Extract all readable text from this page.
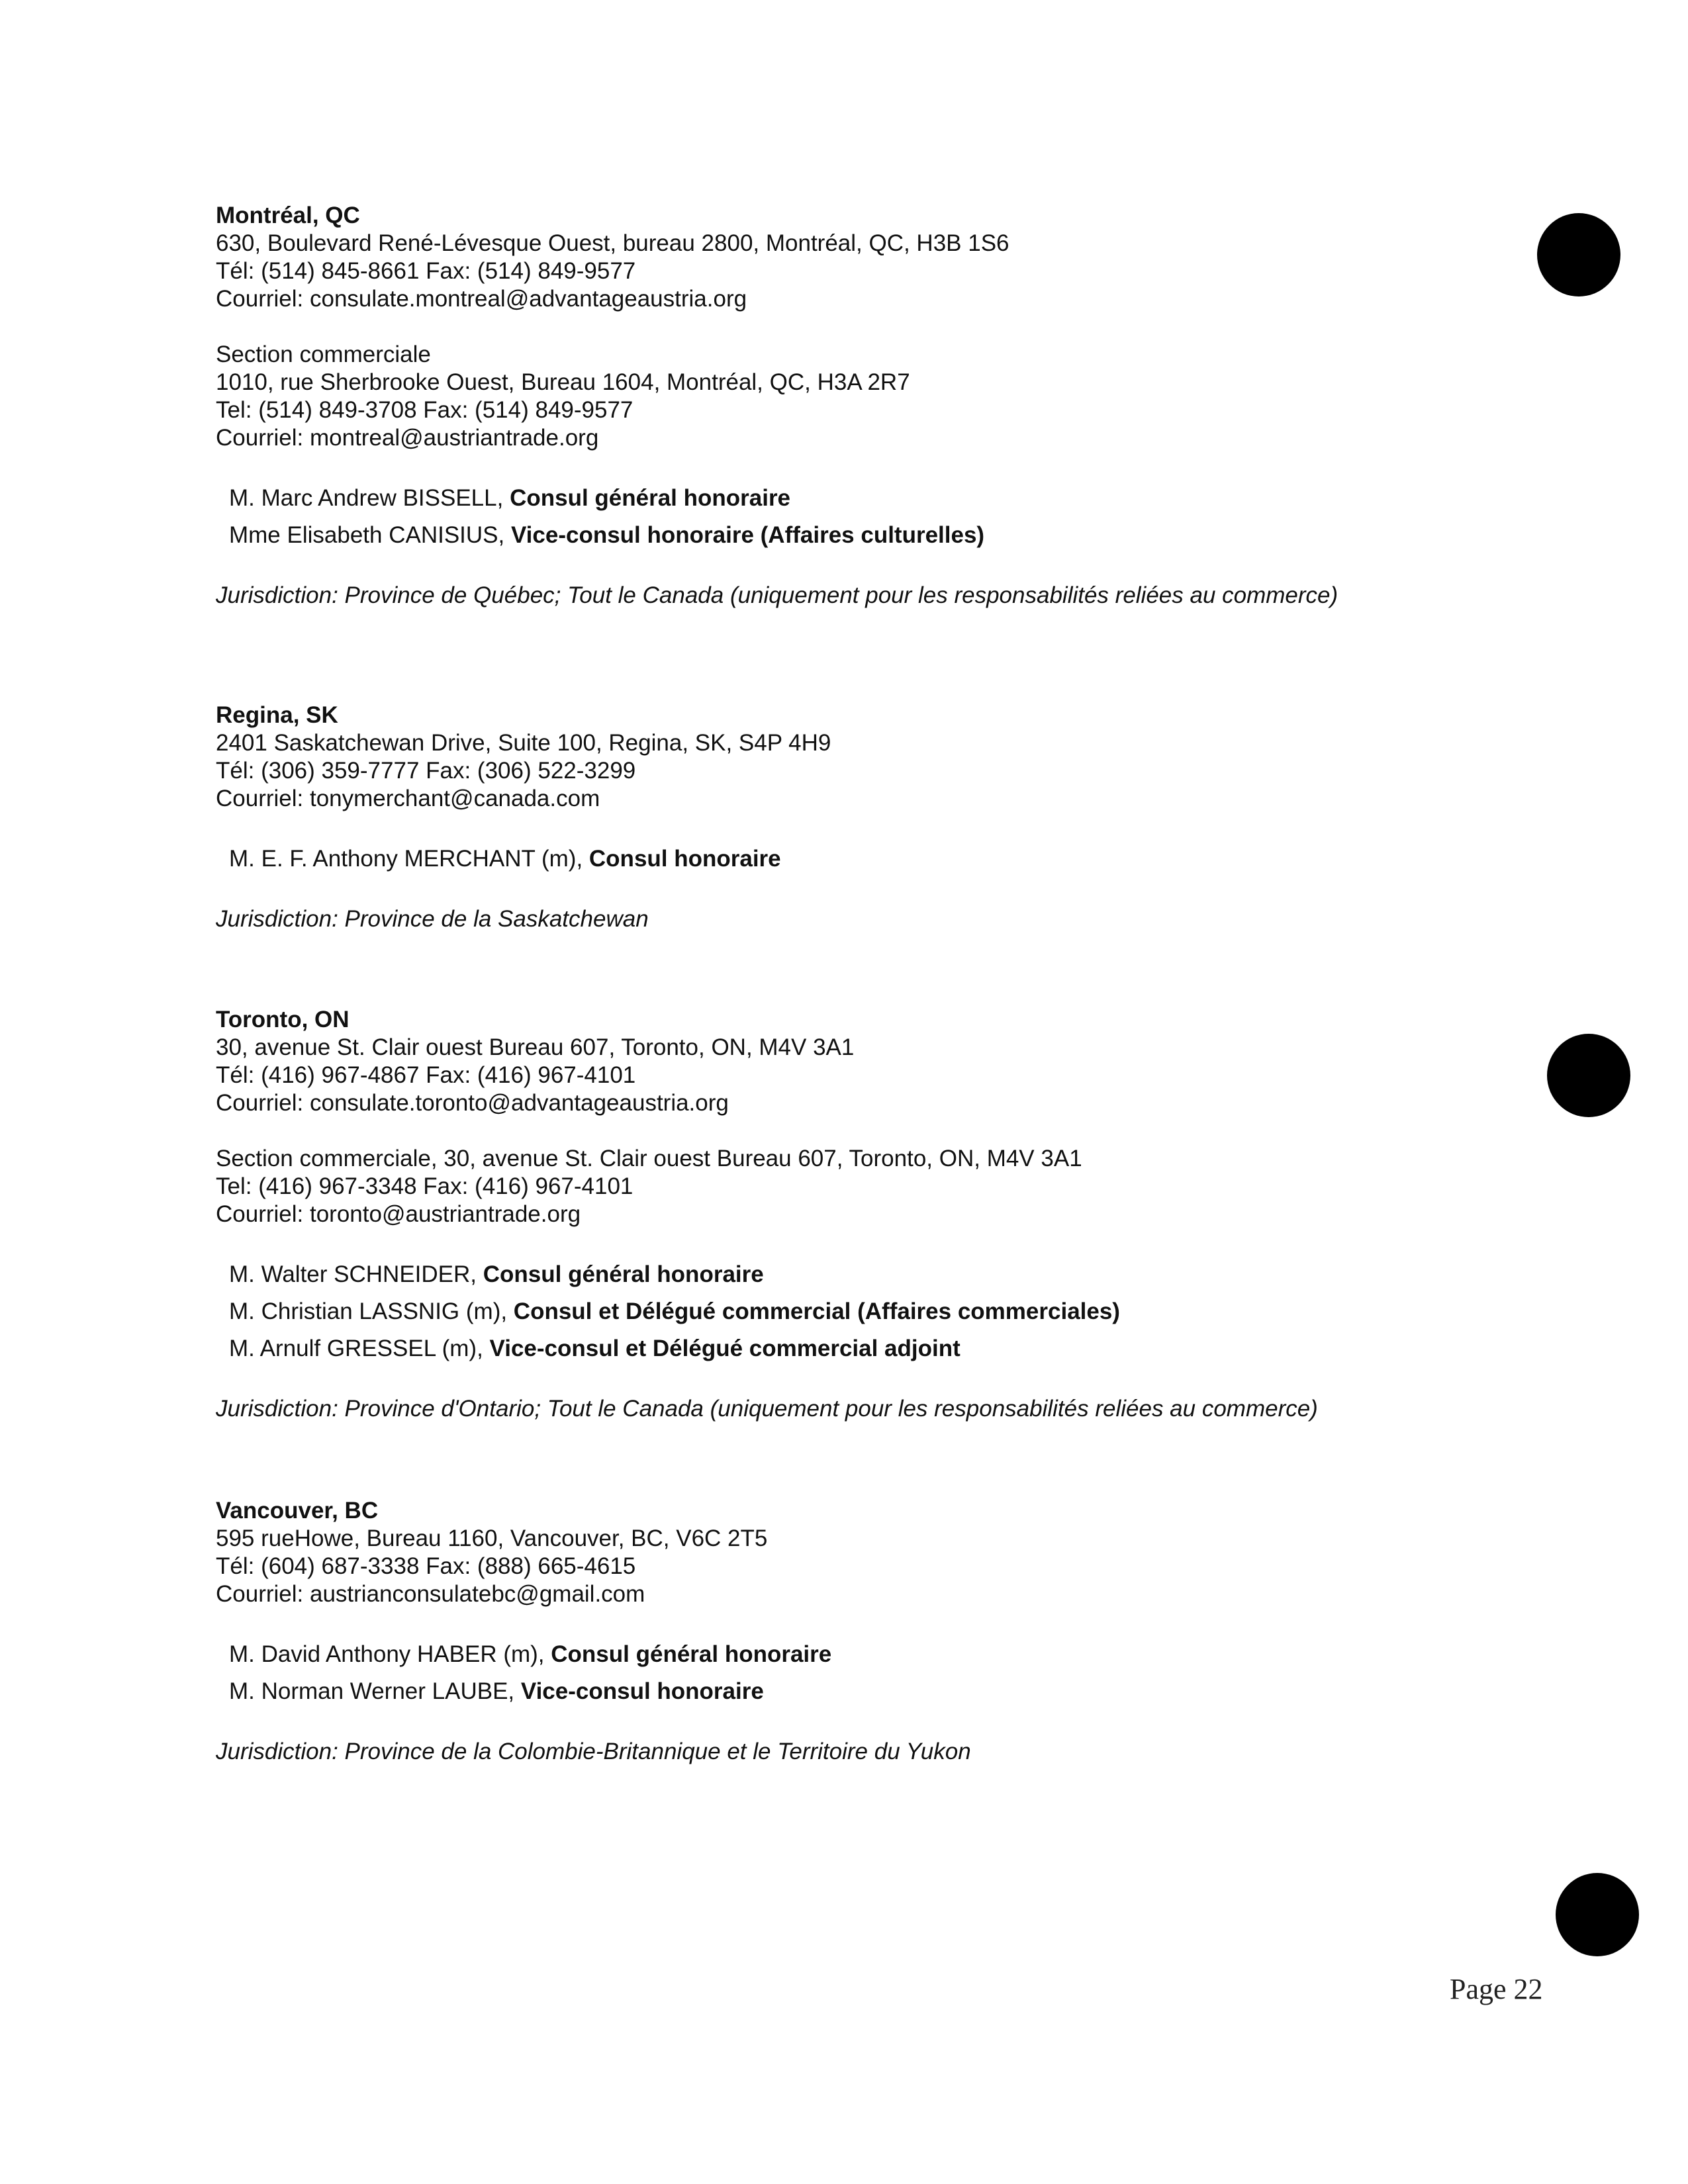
Montréal, QC
630, Boulevard René-Lévesque Ouest, bureau 2800, Montréal, QC, H3B 1S6
Tél: (514) 845-8661 Fax: (514) 849-9577
Courriel: consulate.montreal@advantageaustria.org
Section commerciale
1010, rue Sherbrooke Ouest, Bureau 1604, Montréal, QC, H3A 2R7
Tel: (514) 849-3708 Fax: (514) 849-9577
Courriel: montreal@austriantrade.org
M. Marc Andrew BISSELL, Consul général honoraire
Mme Elisabeth CANISIUS, Vice-consul honoraire (Affaires culturelles)
Jurisdiction: Province de Québec; Tout le Canada (uniquement pour les responsabilités reliées au commerce)
Regina, SK
2401 Saskatchewan Drive, Suite 100, Regina, SK, S4P 4H9
Tél: (306) 359-7777 Fax: (306) 522-3299
Courriel: tonymerchant@canada.com
M. E. F. Anthony MERCHANT (m), Consul honoraire
Jurisdiction: Province de la Saskatchewan
Toronto, ON
30, avenue St. Clair ouest Bureau 607, Toronto, ON, M4V 3A1
Tél: (416) 967-4867 Fax: (416) 967-4101
Courriel: consulate.toronto@advantageaustria.org
Section commerciale, 30, avenue St. Clair ouest Bureau 607, Toronto, ON, M4V 3A1
Tel: (416) 967-3348 Fax: (416) 967-4101
Courriel: toronto@austriantrade.org
M. Walter SCHNEIDER, Consul général honoraire
M. Christian LASSNIG (m), Consul et Délégué commercial (Affaires commerciales)
M. Arnulf GRESSEL (m), Vice-consul et Délégué commercial adjoint
Jurisdiction: Province d'Ontario; Tout le Canada (uniquement pour les responsabilités reliées au commerce)
Vancouver, BC
595 rueHowe, Bureau 1160, Vancouver, BC, V6C 2T5
Tél: (604) 687-3338 Fax: (888) 665-4615
Courriel: austrianconsulatebc@gmail.com
M. David Anthony HABER (m), Consul général honoraire
M. Norman Werner LAUBE, Vice-consul honoraire
Jurisdiction: Province de la Colombie-Britannique et le Territoire du Yukon
Page 22
